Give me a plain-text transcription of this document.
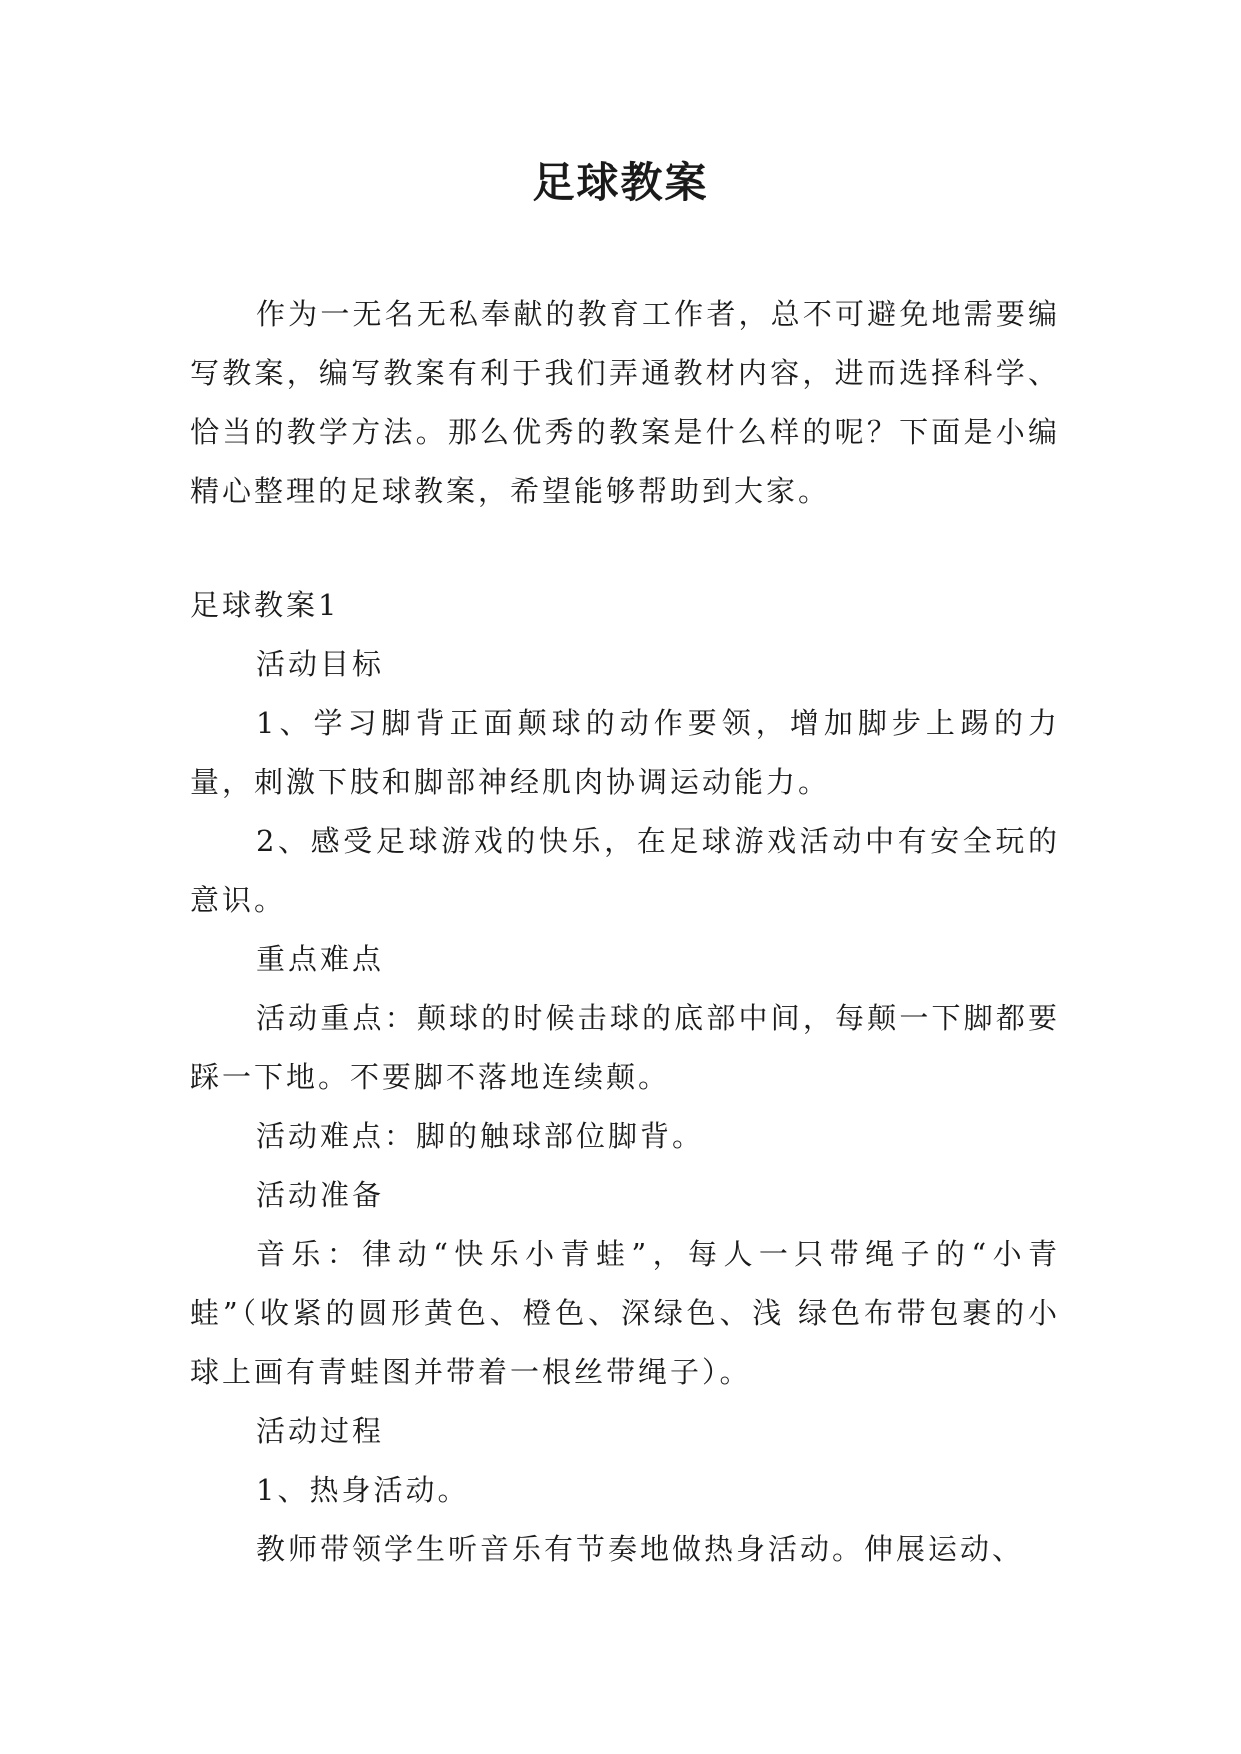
足球教案

作为一无名无私奉献的教育工作者，总不可避免地需要编写教案，编写教案有利于我们弄通教材内容，进而选择科学、恰当的教学方法。那么优秀的教案是什么样的呢？下面是小编精心整理的足球教案，希望能够帮助到大家。

足球教案1

活动目标

1、学习脚背正面颠球的动作要领，增加脚步上踢的力量，刺激下肢和脚部神经肌肉协调运动能力。

2、感受足球游戏的快乐，在足球游戏活动中有安全玩的意识。

重点难点

活动重点：颠球的时候击球的底部中间，每颠一下脚都要踩一下地。不要脚不落地连续颠。

活动难点：脚的触球部位脚背。

活动准备

音乐：律动“快乐小青蛙”，每人一只带绳子的“小青蛙”（收紧的圆形黄色、橙色、深绿色、浅 绿色布带包裹的小球上画有青蛙图并带着一根丝带绳子）。

活动过程

1、热身活动。

教师带领学生听音乐有节奏地做热身活动。伸展运动、
